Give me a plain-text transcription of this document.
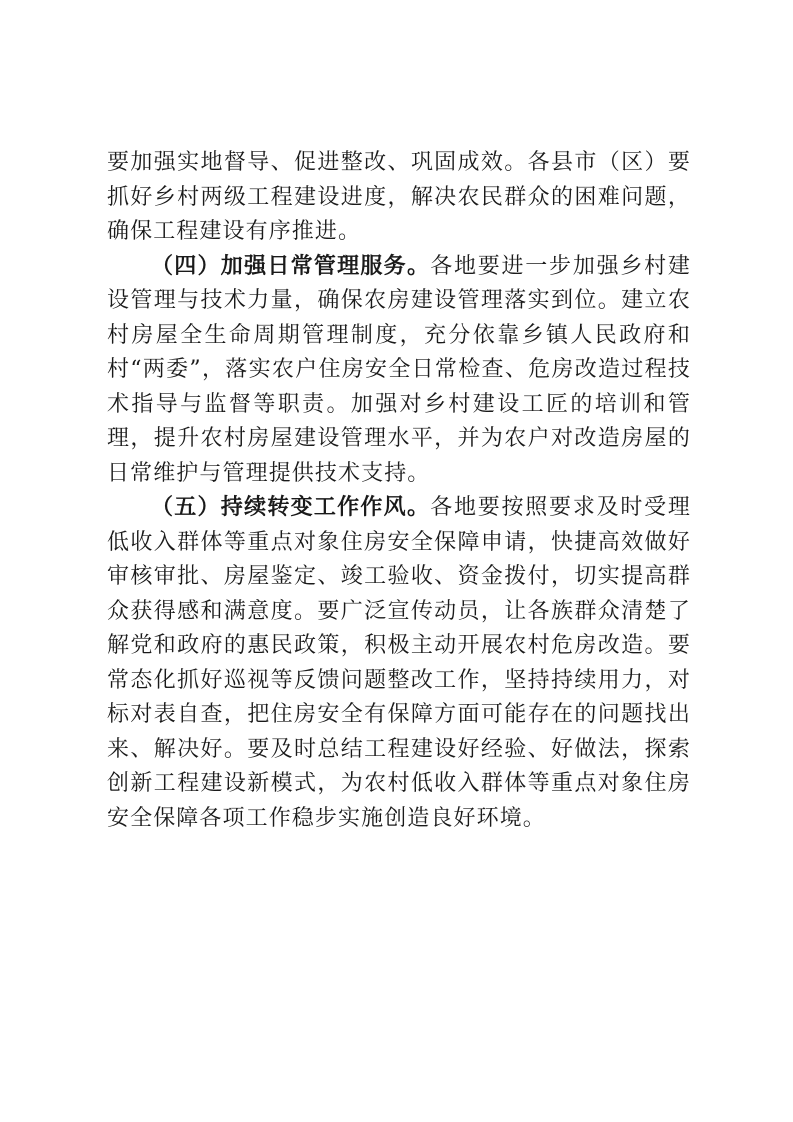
要加强实地督导、促进整改、巩固成效。各县市（区）要抓好乡村两级工程建设进度，解决农民群众的困难问题，确保工程建设有序推进。

（四）加强日常管理服务。各地要进一步加强乡村建设管理与技术力量，确保农房建设管理落实到位。建立农村房屋全生命周期管理制度，充分依靠乡镇人民政府和村“两委”，落实农户住房安全日常检查、危房改造过程技术指导与监督等职责。加强对乡村建设工匠的培训和管理，提升农村房屋建设管理水平，并为农户对改造房屋的日常维护与管理提供技术支持。

（五）持续转变工作作风。各地要按照要求及时受理低收入群体等重点对象住房安全保障申请，快捷高效做好审核审批、房屋鉴定、竣工验收、资金拨付，切实提高群众获得感和满意度。要广泛宣传动员，让各族群众清楚了解党和政府的惠民政策，积极主动开展农村危房改造。要常态化抓好巡视等反馈问题整改工作，坚持持续用力，对标对表自查，把住房安全有保障方面可能存在的问题找出来、解决好。要及时总结工程建设好经验、好做法，探索创新工程建设新模式，为农村低收入群体等重点对象住房安全保障各项工作稳步实施创造良好环境。
